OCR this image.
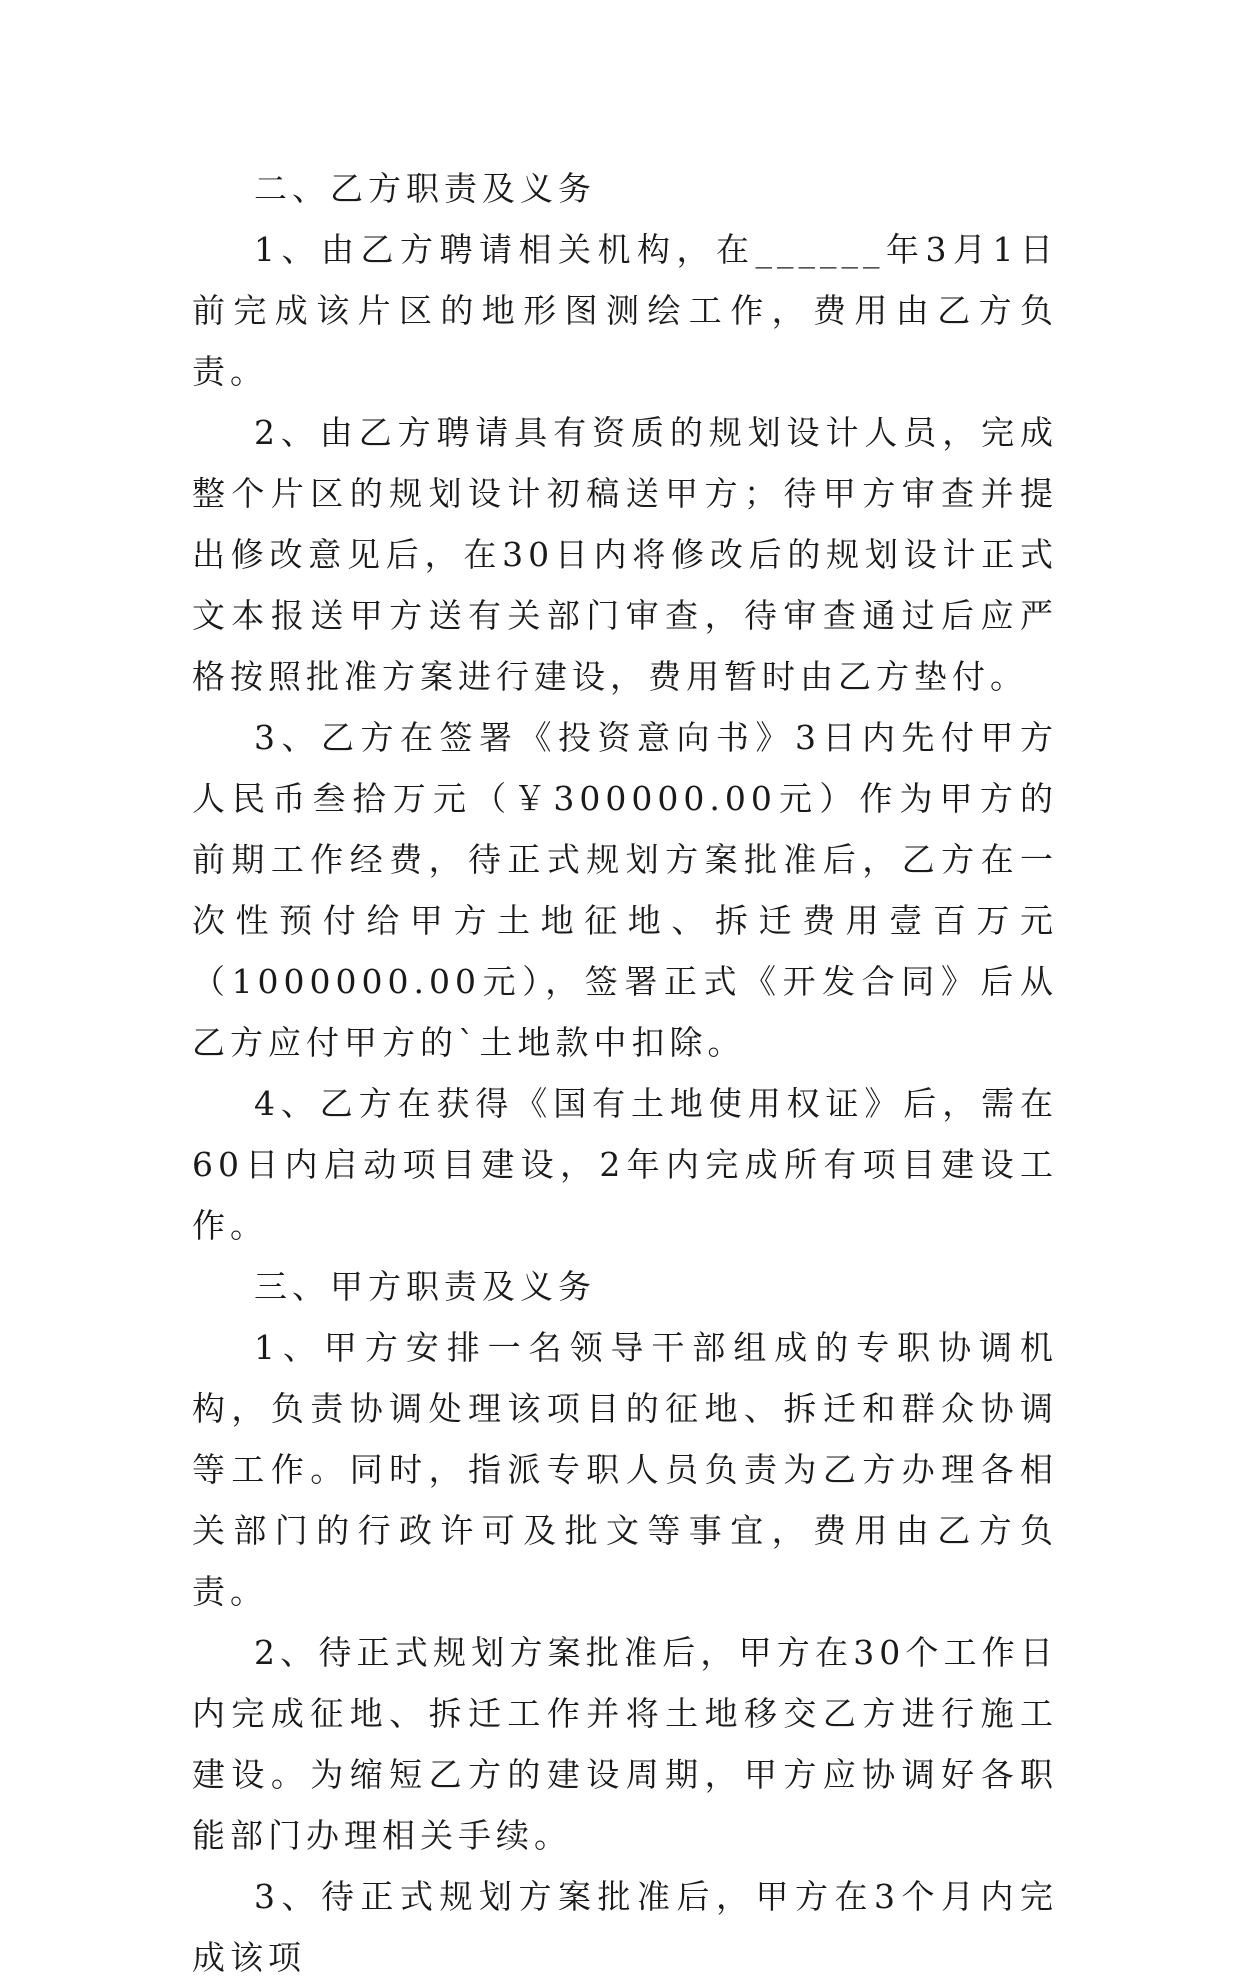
二、乙方职责及义务

1、由乙方聘请相关机构，在______年3月1日前完成该片区的地形图测绘工作，费用由乙方负责。

2、由乙方聘请具有资质的规划设计人员，完成整个片区的规划设计初稿送甲方；待甲方审查并提出修改意见后，在30日内将修改后的规划设计正式文本报送甲方送有关部门审查，待审查通过后应严格按照批准方案进行建设，费用暂时由乙方垫付。

3、乙方在签署《投资意向书》3日内先付甲方人民币叁拾万元（￥300000.00元）作为甲方的前期工作经费，待正式规划方案批准后，乙方在一次性预付给甲方土地征地、拆迁费用壹百万元（1000000.00元），签署正式《开发合同》后从乙方应付甲方的`土地款中扣除。

4、乙方在获得《国有土地使用权证》后，需在60日内启动项目建设，2年内完成所有项目建设工作。

三、甲方职责及义务

1、甲方安排一名领导干部组成的专职协调机构，负责协调处理该项目的征地、拆迁和群众协调等工作。同时，指派专职人员负责为乙方办理各相关部门的行政许可及批文等事宜，费用由乙方负责。

2、待正式规划方案批准后，甲方在30个工作日内完成征地、拆迁工作并将土地移交乙方进行施工建设。为缩短乙方的建设周期，甲方应协调好各职能部门办理相关手续。

3、待正式规划方案批准后，甲方在3个月内完成该项
